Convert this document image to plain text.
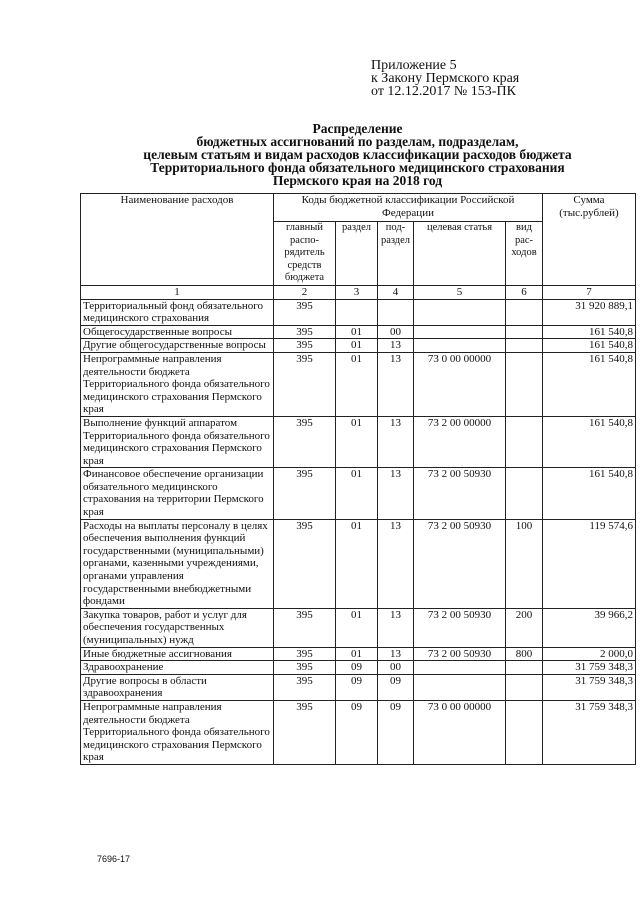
Приложение 5
к Закону Пермского края
от 12.12.2017 № 153-ПК
Распределение
бюджетных ассигнований по разделам, подразделам,
целевым статьям и видам расходов классификации расходов бюджета
Территориального фонда обязательного медицинского страхования
Пермского края на 2018 год
Наименование расходов	Коды бюджетной классификации Российской Федерации					Сумма (тыс.рублей)
	главный распо-рядитель средств бюджета	раздел	под-раздел	целевая статья	вид рас-ходов	
1	2	3	4	5	6	7
Территориальный фонд обязательного медицинского страхования	395					31 920 889,1
Общегосударственные вопросы	395	01	00			161 540,8
Другие общегосударственные вопросы	395	01	13			161 540,8
Непрограммные направления деятельности бюджета Территориального фонда обязательного медицинского страхования Пермского края	395	01	13	73 0 00 00000		161 540,8
Выполнение функций аппаратом Территориального фонда обязательного медицинского страхования Пермского края	395	01	13	73 2 00 00000		161 540,8
Финансовое обеспечение организации обязательного медицинского страхования на территории Пермского края	395	01	13	73 2 00 50930		161 540,8
Расходы на выплаты персоналу в целях обеспечения выполнения функций государственными (муниципальными) органами, казенными учреждениями, органами управления государственными внебюджетными фондами	395	01	13	73 2 00 50930	100	119 574,6
Закупка товаров, работ и услуг для обеспечения государственных (муниципальных) нужд	395	01	13	73 2 00 50930	200	39 966,2
Иные бюджетные ассигнования	395	01	13	73 2 00 50930	800	2 000,0
Здравоохранение	395	09	00			31 759 348,3
Другие вопросы в области здравоохранения	395	09	09			31 759 348,3
Непрограммные направления деятельности бюджета Территориального фонда обязательного медицинского страхования Пермского края	395	09	09	73 0 00 00000		31 759 348,3
7696-17
